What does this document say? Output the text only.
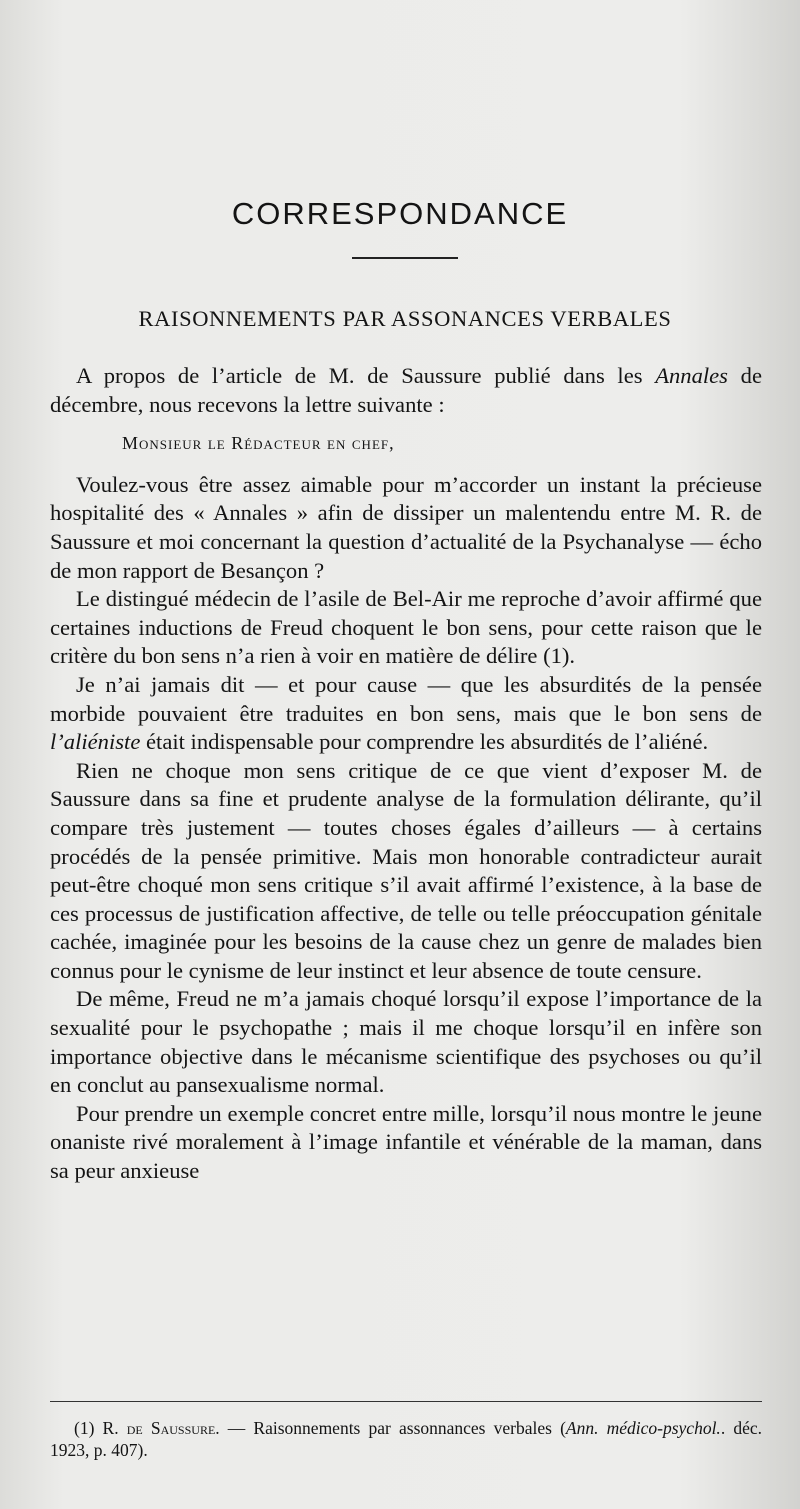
CORRESPONDANCE
RAISONNEMENTS PAR ASSONANCES VERBALES

A propos de l’article de M. de Saussure publié dans les Annales de décembre, nous recevons la lettre suivante :

Monsieur le Rédacteur en chef,

Voulez-vous être assez aimable pour m’accorder un instant la précieuse hospitalité des « Annales » afin de dissiper un malentendu entre M. R. de Saussure et moi concernant la question d’actualité de la Psychanalyse — écho de mon rapport de Besançon ?

Le distingué médecin de l’asile de Bel-Air me reproche d’avoir affirmé que certaines inductions de Freud choquent le bon sens, pour cette raison que le critère du bon sens n’a rien à voir en matière de délire (1).

Je n’ai jamais dit — et pour cause — que les absurdités de la pensée morbide pouvaient être traduites en bon sens, mais que le bon sens de l’aliéniste était indispensable pour comprendre les absurdités de l’aliéné.

Rien ne choque mon sens critique de ce que vient d’exposer M. de Saussure dans sa fine et prudente analyse de la formulation délirante, qu’il compare très justement — toutes choses égales d’ailleurs — à certains procédés de la pensée primitive. Mais mon honorable contradicteur aurait peut-être choqué mon sens critique s’il avait affirmé l’existence, à la base de ces processus de justification affective, de telle ou telle préoccupation génitale cachée, imaginée pour les besoins de la cause chez un genre de malades bien connus pour le cynisme de leur instinct et leur absence de toute censure.

De même, Freud ne m’a jamais choqué lorsqu’il expose l’importance de la sexualité pour le psychopathe ; mais il me choque lorsqu’il en infère son importance objective dans le mécanisme scientifique des psychoses ou qu’il en conclut au pansexualisme normal.

Pour prendre un exemple concret entre mille, lorsqu’il nous montre le jeune onaniste rivé moralement à l’image infantile et vénérable de la maman, dans sa peur anxieuse

(1) R. de Saussure. — Raisonnements par assonnances verbales (Ann. médico-psychol.. déc. 1923, p. 407).
